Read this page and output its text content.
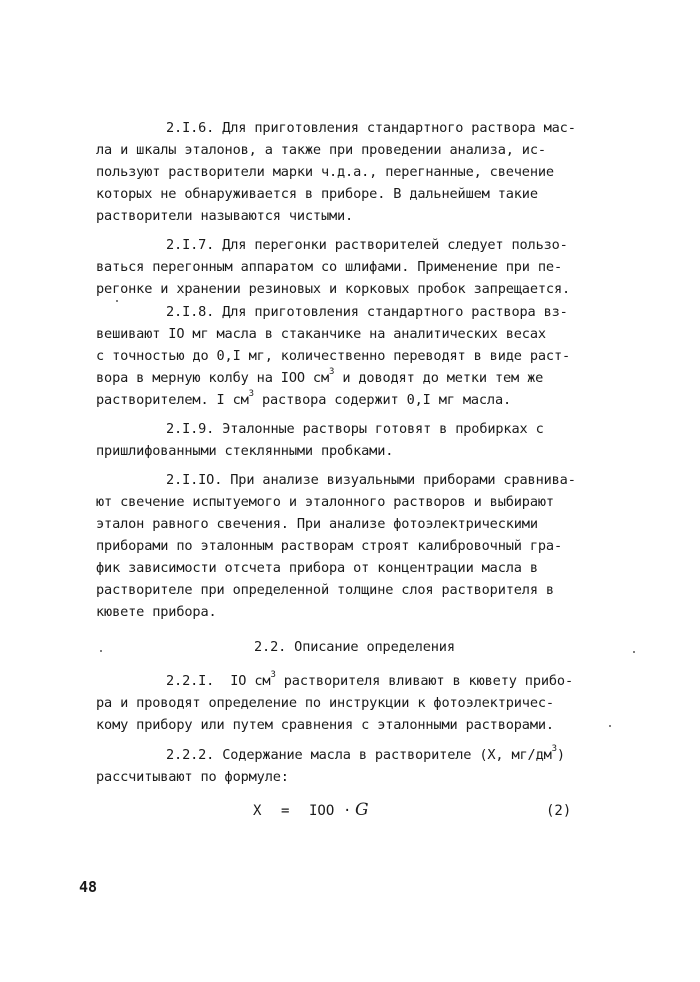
2.I.6. Для приготовления стандартного раствора мас-
ла и шкалы эталонов, а также при проведении анализа, ис-
пользуют растворители марки ч.д.а., перегнанные, свечение
которых не обнаруживается в приборе. В дальнейшем такие
растворители называются чистыми.
2.I.7. Для перегонки растворителей следует пользо-
ваться перегонным аппаратом со шлифами. Применение при пе-
регонке и хранении резиновых и корковых пробок запрещается.
2.I.8. Для приготовления стандартного раствора вз-
вешивают IO мг масла в стаканчике на аналитических весах
с точностью до 0,I мг, количественно переводят в виде раст-
вора в мерную колбу на IOO $см^3$ и доводят до метки тем же
растворителем. I $см^3$ раствора содержит 0,I мг масла.
2.I.9. Эталонные растворы готовят в пробирках с
пришлифованными стеклянными пробками.
2.I.IO. При анализе визуальными приборами сравнива-
ют свечение испытуемого и эталонного растворов и выбирают
эталон равного свечения. При анализе фотоэлектрическими
приборами по эталонным растворам строят калибровочный гра-
фик зависимости отсчета прибора от концентрации масла в
растворителе при определенной толщине слоя растворителя в
кювете прибора.
2.2. Описание определения
2.2.I.  IO $см^3$ растворителя вливают в кювету прибо-
ра и проводят определение по инструкции к фотоэлектричес-
кому прибору или путем сравнения с эталонными растворами.
2.2.2. Содержание масла в растворителе (X, $мг/дм^3$)
рассчитывают по формуле:
X = IOO · G	(2)
48
